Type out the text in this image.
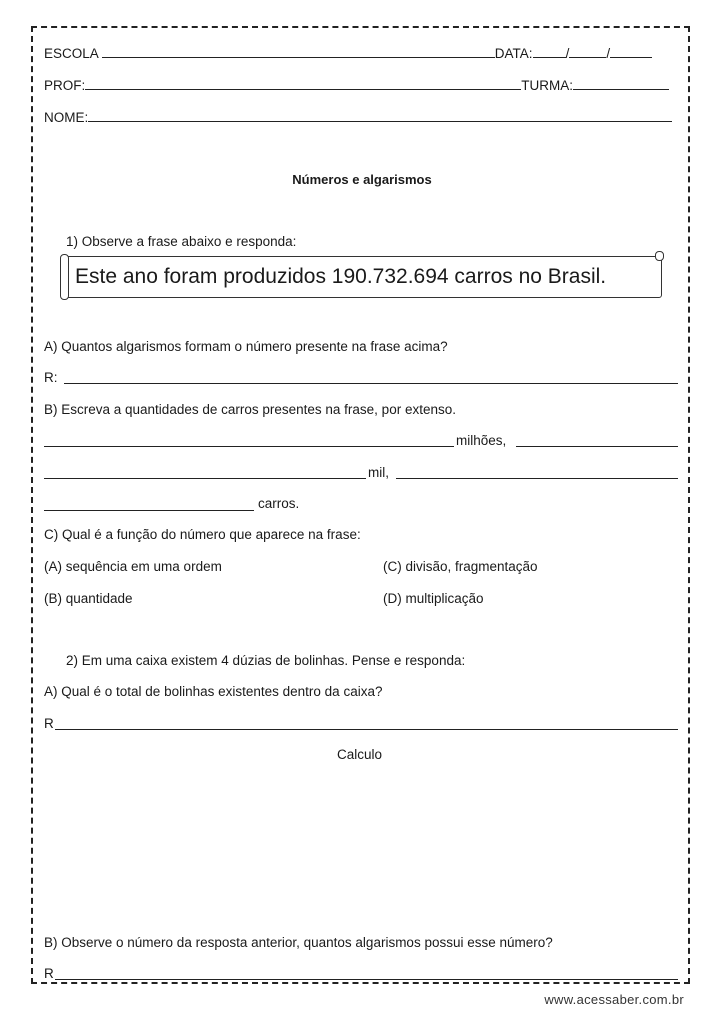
ESCOLA	DATA: /	/
PROF:	TURMA:
NOME:
Números e algarismos
1) Observe a frase abaixo e responda:
Este ano foram produzidos 190.732.694 carros no Brasil.
A) Quantos algarismos formam o número presente na frase acima?
R:
B) Escreva a quantidades de carros presentes na frase, por extenso.
milhões,
mil,
carros.
C) Qual é a função do número que aparece na frase:
(A) sequência em uma ordem	(C) divisão, fragmentação
(B) quantidade	(D) multiplicação
2) Em uma caixa existem 4 dúzias de bolinhas. Pense e responda:
A) Qual é o total de bolinhas existentes dentro da caixa?
R
Calculo
B) Observe o número da resposta anterior, quantos algarismos possui esse número?
R
www.acessaber.com.br
